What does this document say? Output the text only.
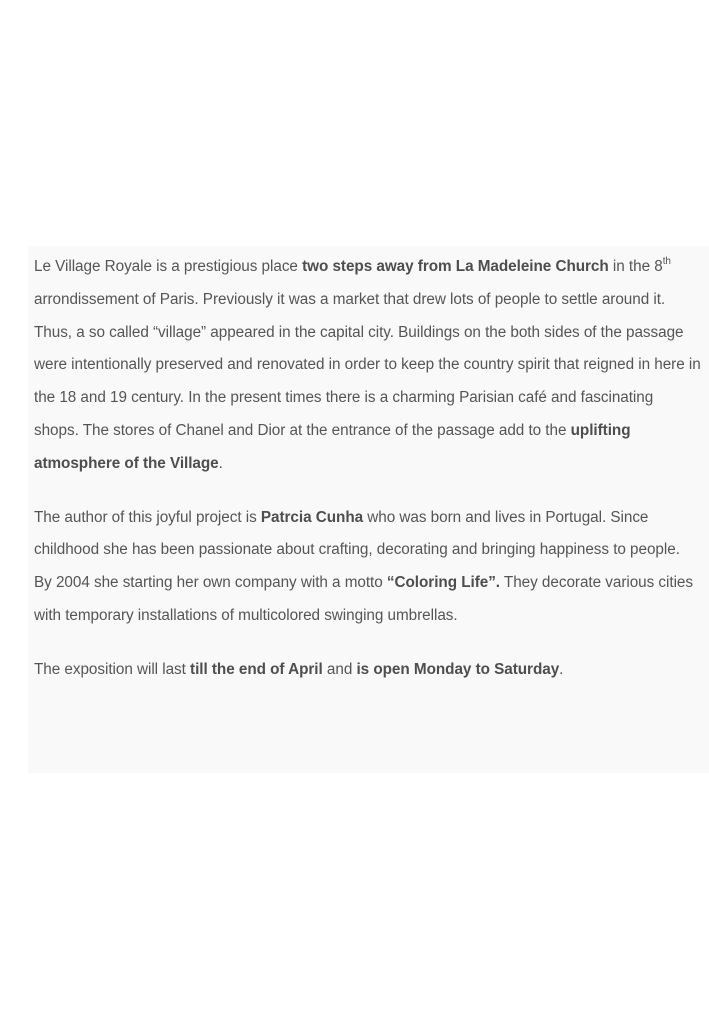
Le Village Royale is a prestigious place two steps away from La Madeleine Church in the 8th arrondissement of Paris. Previously it was a market that drew lots of people to settle around it. Thus, a so called “village” appeared in the capital city. Buildings on the both sides of the passage were intentionally preserved and renovated in order to keep the country spirit that reigned in here in the 18 and 19 century. In the present times there is a charming Parisian café and fascinating shops. The stores of Chanel and Dior at the entrance of the passage add to the uplifting atmosphere of the Village.

The author of this joyful project is Patrcia Cunha who was born and lives in Portugal. Since childhood she has been passionate about crafting, decorating and bringing happiness to people. By 2004 she starting her own company with a motto “Coloring Life”. They decorate various cities with temporary installations of multicolored swinging umbrellas.

The exposition will last till the end of April and is open Monday to Saturday.
